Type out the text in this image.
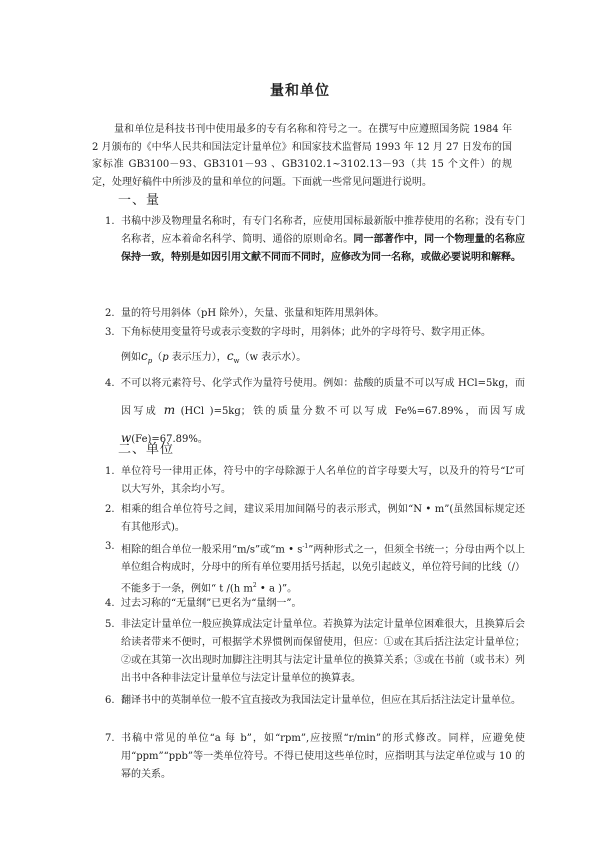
量和单位

量和单位是科技书刊中使用最多的专有名称和符号之一。在撰写中应遵照国务院 1984 年 2 月颁布的《中华人民共和国法定计量单位》和国家技术监督局 1993 年 12 月 27 日发布的国家标准 GB3100－93、GB3101－93 、GB3102.1~3102.13－93（共 15 个文件）的规定，处理好稿件中所涉及的量和单位的问题。下面就一些常见问题进行说明。

一、量
1. 书稿中涉及物理量名称时，有专门名称者，应使用国标最新版中推荐使用的名称；没有专门名称者，应本着命名科学、简明、通俗的原则命名。同一部著作中，同一个物理量的名称应保持一致，特别是如因引用文献不同而不同时，应修改为同一名称，或做必要说明和解释。
2. 量的符号用斜体（pH 除外），矢量、张量和矩阵用黑斜体。
3. 下角标使用变量符号或表示变数的字母时，用斜体；此外的字母符号、数字用正体。
例如$c_p(p$ 表示压力），$c_w(w$ 表示水）。
4. 不可以将元素符号、化学式作为量符号使用。例如：盐酸的质量不可以写成 HCl=5kg，而因写成 m (HCl )=5kg；铁的质量分数不可以写成 Fe%=67.89%，而因写成 w(Fe)=67.89%。
二、单位
1. 单位符号一律用正体，符号中的字母除源于人名单位的首字母要大写，以及升的符号“L”可以大写外，其余均小写。
2. 相乘的组合单位符号之间，建议采用加间隔号的表示形式，例如“N • m”(虽然国标规定还有其他形式)。
3. 相除的组合单位一般采用“m/s”或“m • $s^{-1}$”两种形式之一，但须全书统一；分母由两个以上单位组合构成时，分母中的所有单位要用括号括起，以免引起歧义，单位符号间的比线（/）不能多于一条，例如“ t /(h $m^2$ • a )”。
4. 过去习称的“无量纲”已更名为“量纲一”。
5. 非法定计量单位一般应换算成法定计量单位。若换算为法定计量单位困难很大，且换算后会给读者带来不便时，可根据学术界惯例而保留使用，但应：①或在其后括注法定计量单位；②或在其第一次出现时加脚注注明其与法定计量单位的换算关系；③或在书前（或书末）列出书中各种非法定计量单位与法定计量单位的换算表。
6. 翻译书中的英制单位一般不宜直接改为我国法定计量单位，但应在其后括注法定计量单位。
7. 书稿中常见的单位“a 每 b”，如“rpm”,应按照“r/min”的形式修改。同样，应避免使用“ppm”“ppb”等一类单位符号。不得已使用这些单位时，应指明其与法定单位或与 10 的幂的关系。
